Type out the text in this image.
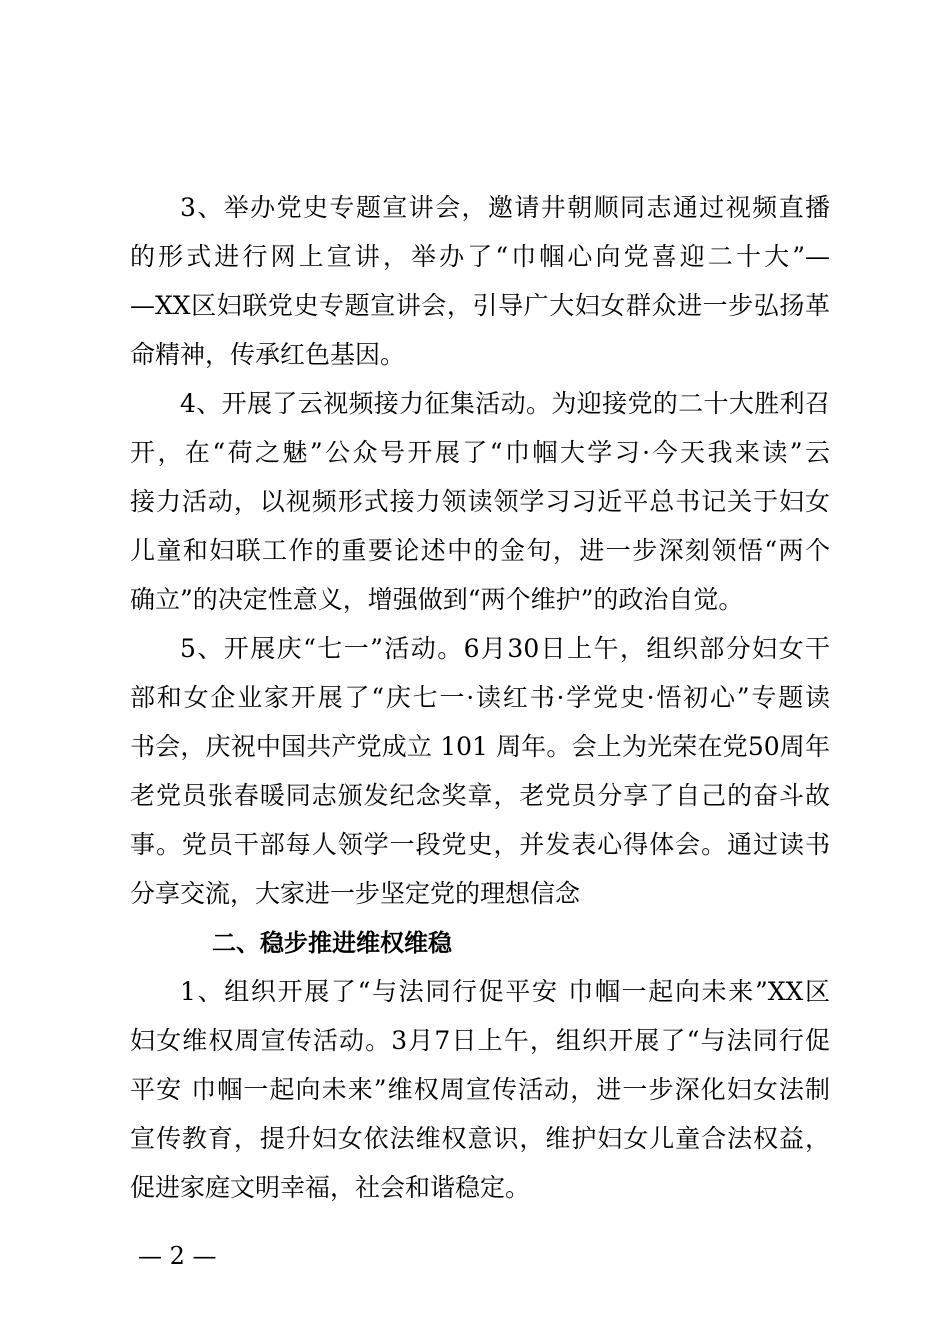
3、举办党史专题宣讲会，邀请井朝顺同志通过视频直播
的形式进行网上宣讲，举办了“巾帼心向党喜迎二十大”—
—XX区妇联党史专题宣讲会，引导广大妇女群众进一步弘扬革
命精神，传承红色基因。
4、开展了云视频接力征集活动。为迎接党的二十大胜利召
开，在“荷之魅”公众号开展了“巾帼大学习·今天我来读”云
接力活动，以视频形式接力领读领学习习近平总书记关于妇女
儿童和妇联工作的重要论述中的金句，进一步深刻领悟“两个
确立”的决定性意义，增强做到“两个维护”的政治自觉。
5、开展庆“七一”活动。6月30日上午，组织部分妇女干
部和女企业家开展了“庆七一·读红书·学党史·悟初心”专题读
书会，庆祝中国共产党成立 101 周年。会上为光荣在党50周年
老党员张春暖同志颁发纪念奖章，老党员分享了自己的奋斗故
事。党员干部每人领学一段党史，并发表心得体会。通过读书
分享交流，大家进一步坚定党的理想信念
二、稳步推进维权维稳
1、组织开展了“与法同行促平安 巾帼一起向未来”XX区
妇女维权周宣传活动。3月7日上午，组织开展了“与法同行促
平安 巾帼一起向未来”维权周宣传活动，进一步深化妇女法制
宣传教育，提升妇女依法维权意识，维护妇女儿童合法权益，
促进家庭文明幸福，社会和谐稳定。
— 2 —
